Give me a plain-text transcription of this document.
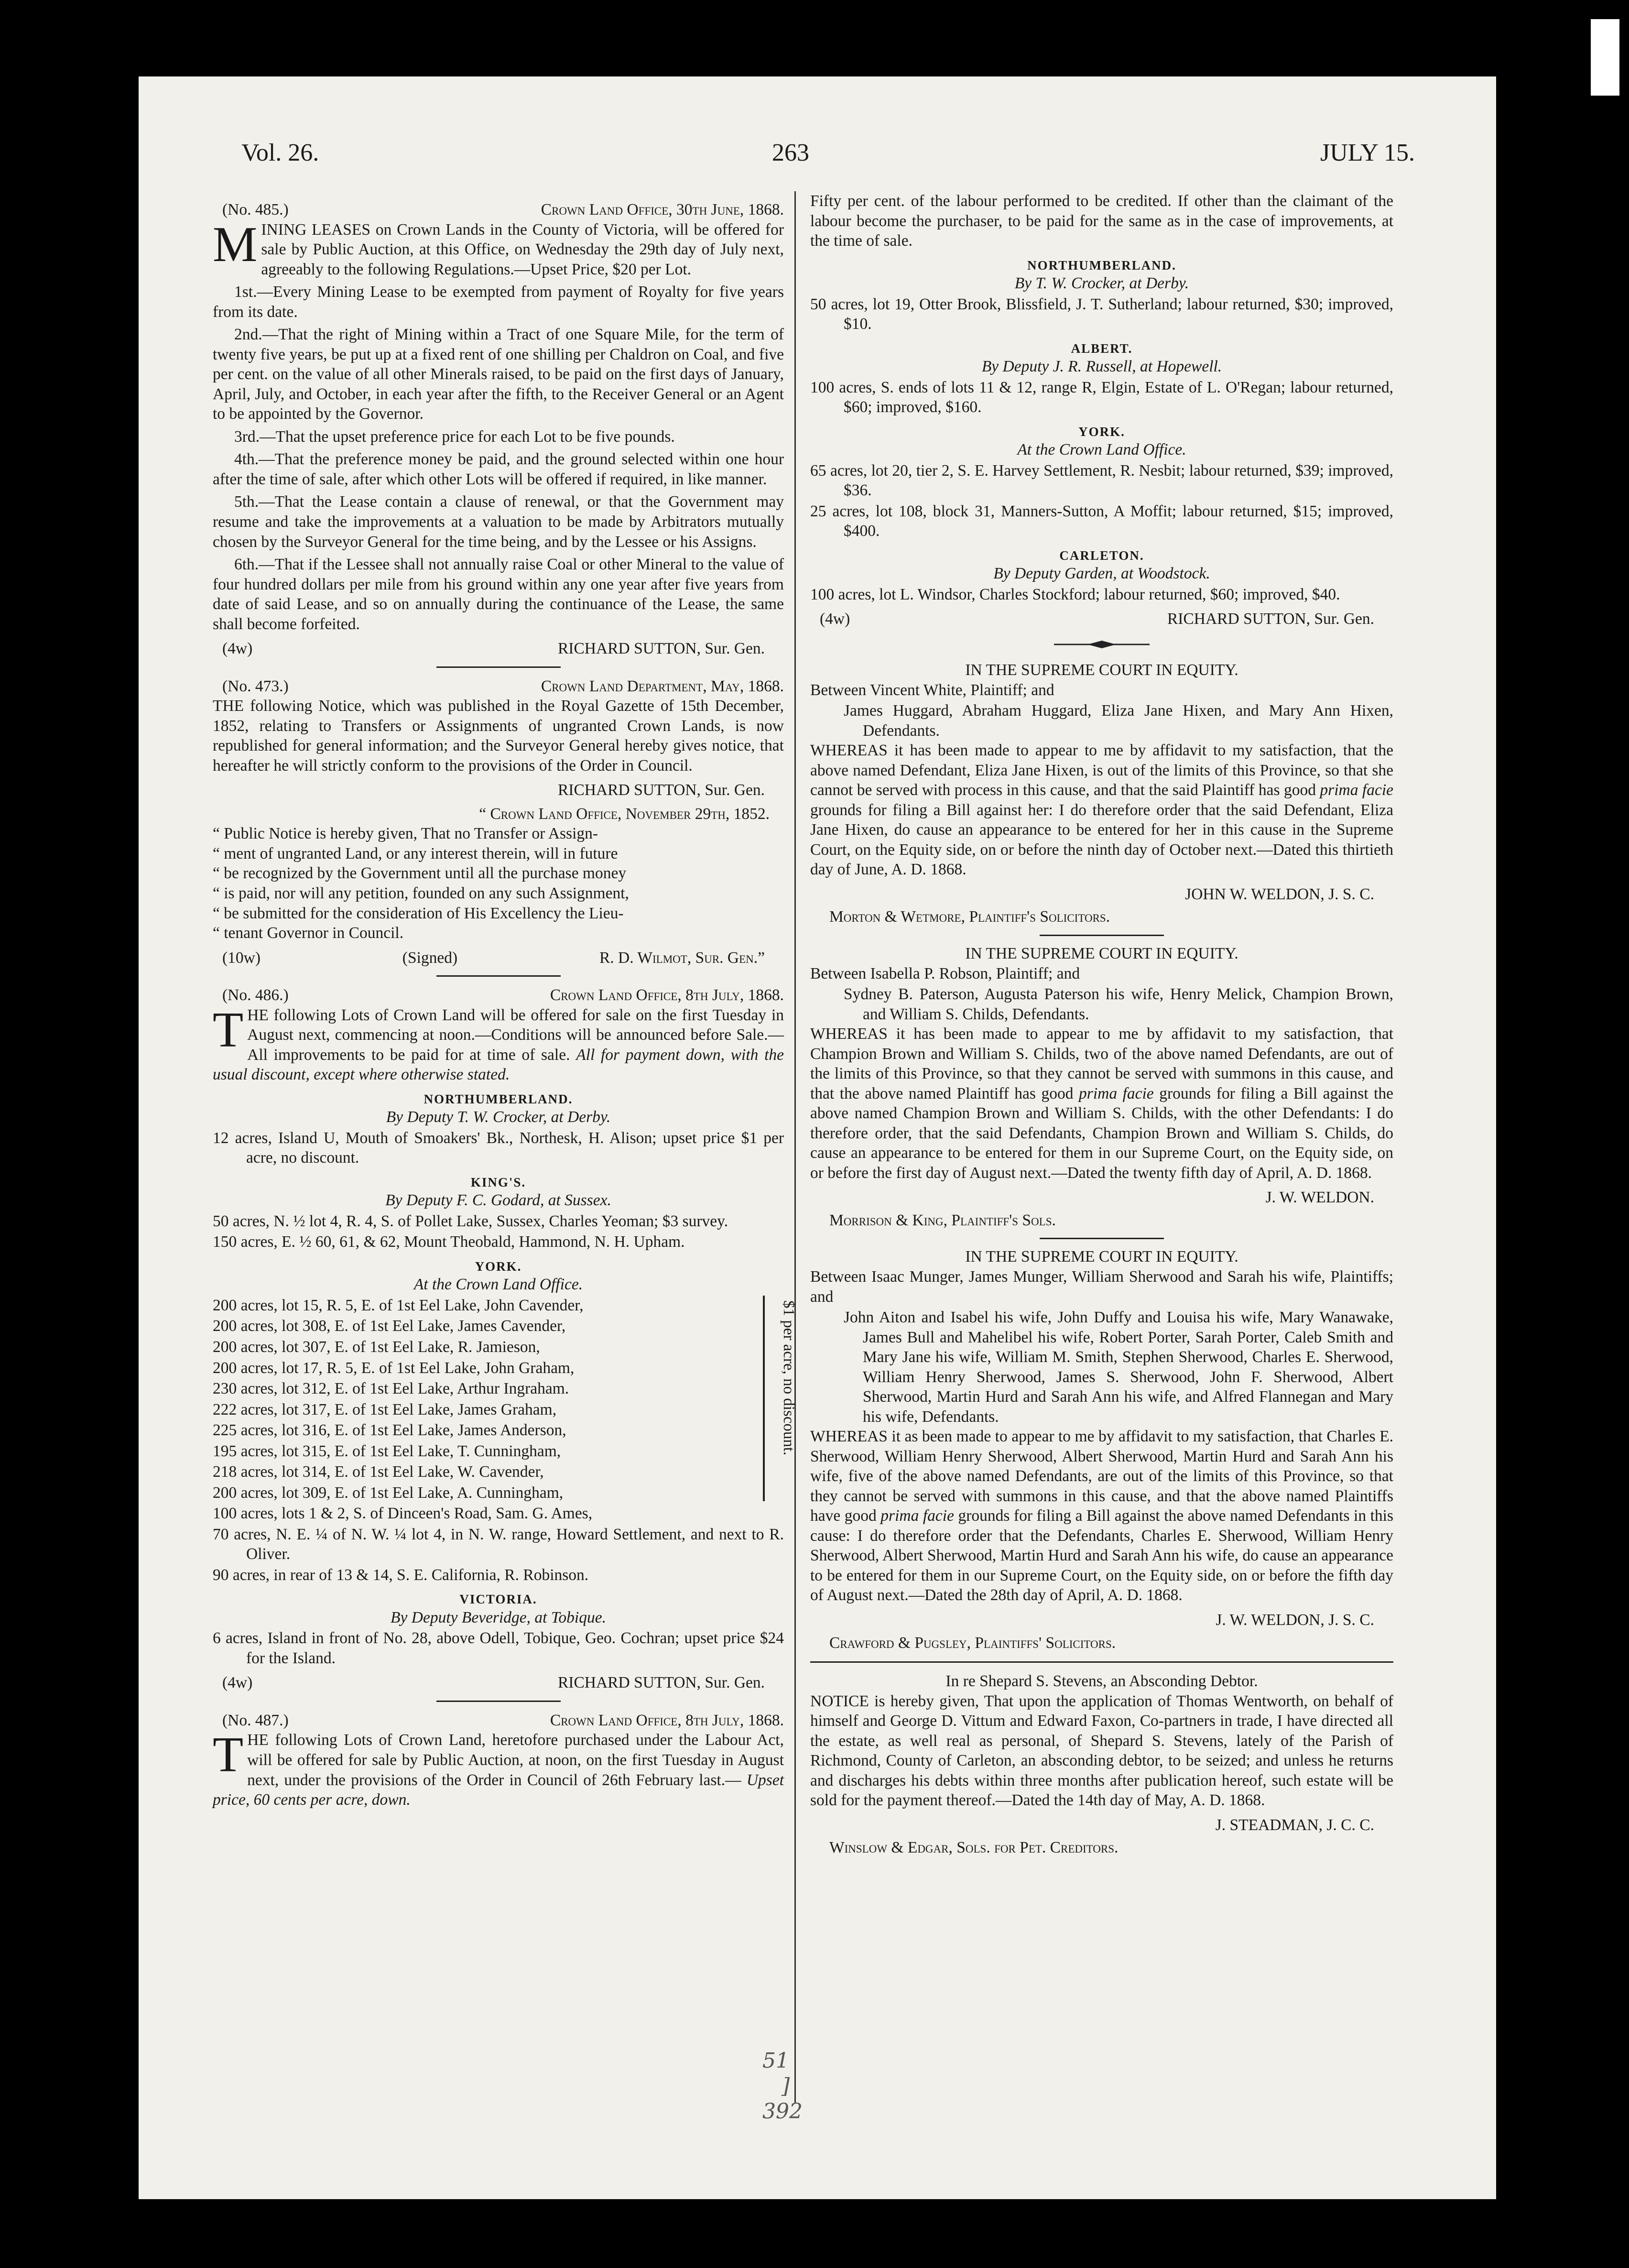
Vol. 26.	263	JULY 15.
(No. 485.)	Crown Land Office, 30th June, 1868.

MINING LEASES on Crown Lands in the County of Victoria, will be offered for sale by Public Auction, at this Office, on Wednesday the 29th day of July next, agreeably to the following Regulations.—Upset Price, $20 per Lot.

1st.—Every Mining Lease to be exempted from payment of Royalty for five years from its date.

2nd.—That the right of Mining within a Tract of one Square Mile, for the term of twenty five years, be put up at a fixed rent of one shilling per Chaldron on Coal, and five per cent. on the value of all other Minerals raised, to be paid on the first days of January, April, July, and October, in each year after the fifth, to the Receiver General or an Agent to be appointed by the Governor.

3rd.—That the upset preference price for each Lot to be five pounds.

4th.—That the preference money be paid, and the ground selected within one hour after the time of sale, after which other Lots will be offered if required, in like manner.

5th.—That the Lease contain a clause of renewal, or that the Government may resume and take the improvements at a valuation to be made by Arbitrators mutually chosen by the Surveyor General for the time being, and by the Lessee or his Assigns.

6th.—That if the Lessee shall not annually raise Coal or other Mineral to the value of four hundred dollars per mile from his ground within any one year after five years from date of said Lease, and so on annually during the continuance of the Lease, the same shall become forfeited.

(4w)	RICHARD SUTTON, Sur. Gen.
(No. 473.)	Crown Land Department, May, 1868.

THE following Notice, which was published in the Royal Gazette of 15th December, 1852, relating to Transfers or Assignments of ungranted Crown Lands, is now republished for general information; and the Surveyor General hereby gives notice, that hereafter he will strictly conform to the provisions of the Order in Council.

RICHARD SUTTON, Sur. Gen.
“ Crown Land Office, November 29th, 1852.
“ Public Notice is hereby given, That no Transfer or Assign-
“ ment of ungranted Land, or any interest therein, will in future
“ be recognized by the Government until all the purchase money
“ is paid, nor will any petition, founded on any such Assignment,
“ be submitted for the consideration of His Excellency the Lieu-
“ tenant Governor in Council.
(10w)	(Signed)	R. D. Wilmot, Sur. Gen.”
(No. 486.)	Crown Land Office, 8th July, 1868.

THE following Lots of Crown Land will be offered for sale on the first Tuesday in August next, commencing at noon.—Conditions will be announced before Sale.—All improvements to be paid for at time of sale. All for payment down, with the usual discount, except where otherwise stated.

NORTHUMBERLAND.
By Deputy T. W. Crocker, at Derby.

12 acres, Island U, Mouth of Smoakers' Bk., Northesk, H. Alison; upset price $1 per acre, no discount.

KING'S.
By Deputy F. C. Godard, at Sussex.

50 acres, N. ½ lot 4, R. 4, S. of Pollet Lake, Sussex, Charles Yeoman; $3 survey.

150 acres, E. ½ 60, 61, & 62, Mount Theobald, Hammond, N. H. Upham.

YORK.
At the Crown Land Office.

200 acres, lot 15, R. 5, E. of 1st Eel Lake, John Cavender,

200 acres, lot 308, E. of 1st Eel Lake, James Cavender,

200 acres, lot 307, E. of 1st Eel Lake, R. Jamieson,

200 acres, lot 17, R. 5, E. of 1st Eel Lake, John Graham,

230 acres, lot 312, E. of 1st Eel Lake, Arthur Ingraham.

222 acres, lot 317, E. of 1st Eel Lake, James Graham,

225 acres, lot 316, E. of 1st Eel Lake, James Anderson,

195 acres, lot 315, E. of 1st Eel Lake, T. Cunningham,

218 acres, lot 314, E. of 1st Eel Lake, W. Cavender,

200 acres, lot 309, E. of 1st Eel Lake, A. Cunningham,

100 acres, lots 1 & 2, S. of Dinceen's Road, Sam. G. Ames,

$1 per acre, no discount.

70 acres, N. E. ¼ of N. W. ¼ lot 4, in N. W. range, Howard Settlement, and next to R. Oliver.

90 acres, in rear of 13 & 14, S. E. California, R. Robinson.

VICTORIA.
By Deputy Beveridge, at Tobique.

6 acres, Island in front of No. 28, above Odell, Tobique, Geo. Cochran; upset price $24 for the Island.

(4w)	RICHARD SUTTON, Sur. Gen.
(No. 487.)	Crown Land Office, 8th July, 1868.

THE following Lots of Crown Land, heretofore purchased under the Labour Act, will be offered for sale by Public Auction, at noon, on the first Tuesday in August next, under the provisions of the Order in Council of 26th February last.— Upset price, 60 cents per acre, down.

Fifty per cent. of the labour performed to be credited. If other than the claimant of the labour become the purchaser, to be paid for the same as in the case of improvements, at the time of sale.

NORTHUMBERLAND.
By T. W. Crocker, at Derby.

50 acres, lot 19, Otter Brook, Blissfield, J. T. Sutherland; labour returned, $30; improved, $10.

ALBERT.
By Deputy J. R. Russell, at Hopewell.

100 acres, S. ends of lots 11 & 12, range R, Elgin, Estate of L. O'Regan; labour returned, $60; improved, $160.

YORK.
At the Crown Land Office.

65 acres, lot 20, tier 2, S. E. Harvey Settlement, R. Nesbit; labour returned, $39; improved, $36.

25 acres, lot 108, block 31, Manners-Sutton, A Moffit; labour returned, $15; improved, $400.

CARLETON.
By Deputy Garden, at Woodstock.

100 acres, lot L. Windsor, Charles Stockford; labour returned, $60; improved, $40.

(4w)	RICHARD SUTTON, Sur. Gen.
IN THE SUPREME COURT IN EQUITY.
Between Vincent White, Plaintiff; and

James Huggard, Abraham Huggard, Eliza Jane Hixen, and Mary Ann Hixen, Defendants.

WHEREAS it has been made to appear to me by affidavit to my satisfaction, that the above named Defendant, Eliza Jane Hixen, is out of the limits of this Province, so that she cannot be served with process in this cause, and that the said Plaintiff has good prima facie grounds for filing a Bill against her: I do therefore order that the said Defendant, Eliza Jane Hixen, do cause an appearance to be entered for her in this cause in the Supreme Court, on the Equity side, on or before the ninth day of October next.—Dated this thirtieth day of June, A. D. 1868.

JOHN W. WELDON, J. S. C.
Morton & Wetmore, Plaintiff's Solicitors.
IN THE SUPREME COURT IN EQUITY.
Between Isabella P. Robson, Plaintiff; and

Sydney B. Paterson, Augusta Paterson his wife, Henry Melick, Champion Brown, and William S. Childs, Defendants.

WHEREAS it has been made to appear to me by affidavit to my satisfaction, that Champion Brown and William S. Childs, two of the above named Defendants, are out of the limits of this Province, so that they cannot be served with summons in this cause, and that the above named Plaintiff has good prima facie grounds for filing a Bill against the above named Champion Brown and William S. Childs, with the other Defendants: I do therefore order, that the said Defendants, Champion Brown and William S. Childs, do cause an appearance to be entered for them in our Supreme Court, on the Equity side, on or before the first day of August next.—Dated the twenty fifth day of April, A. D. 1868.

J. W. WELDON.
Morrison & King, Plaintiff's Sols.
IN THE SUPREME COURT IN EQUITY.
Between Isaac Munger, James Munger, William Sherwood and Sarah his wife, Plaintiffs; and

John Aiton and Isabel his wife, John Duffy and Louisa his wife, Mary Wanawake, James Bull and Mahelibel his wife, Robert Porter, Sarah Porter, Caleb Smith and Mary Jane his wife, William M. Smith, Stephen Sherwood, Charles E. Sherwood, William Henry Sherwood, James S. Sherwood, John F. Sherwood, Albert Sherwood, Martin Hurd and Sarah Ann his wife, and Alfred Flannegan and Mary his wife, Defendants.

WHEREAS it as been made to appear to me by affidavit to my satisfaction, that Charles E. Sherwood, William Henry Sherwood, Albert Sherwood, Martin Hurd and Sarah Ann his wife, five of the above named Defendants, are out of the limits of this Province, so that they cannot be served with summons in this cause, and that the above named Plaintiffs have good prima facie grounds for filing a Bill against the above named Defendants in this cause: I do therefore order that the Defendants, Charles E. Sherwood, William Henry Sherwood, Albert Sherwood, Martin Hurd and Sarah Ann his wife, do cause an appearance to be entered for them in our Supreme Court, on the Equity side, on or before the fifth day of August next.—Dated the 28th day of April, A. D. 1868.

J. W. WELDON, J. S. C.
Crawford & Pugsley, Plaintiffs' Solicitors.
In re Shepard S. Stevens, an Absconding Debtor.

NOTICE is hereby given, That upon the application of Thomas Wentworth, on behalf of himself and George D. Vittum and Edward Faxon, Co-partners in trade, I have directed all the estate, as well real as personal, of Shepard S. Stevens, lately of the Parish of Richmond, County of Carleton, an absconding debtor, to be seized; and unless he returns and discharges his debts within three months after publication hereof, such estate will be sold for the payment thereof.—Dated the 14th day of May, A. D. 1868.

J. STEADMAN, J. C. C.
Winslow & Edgar, Sols. for Pet. Creditors.
51
]
392
